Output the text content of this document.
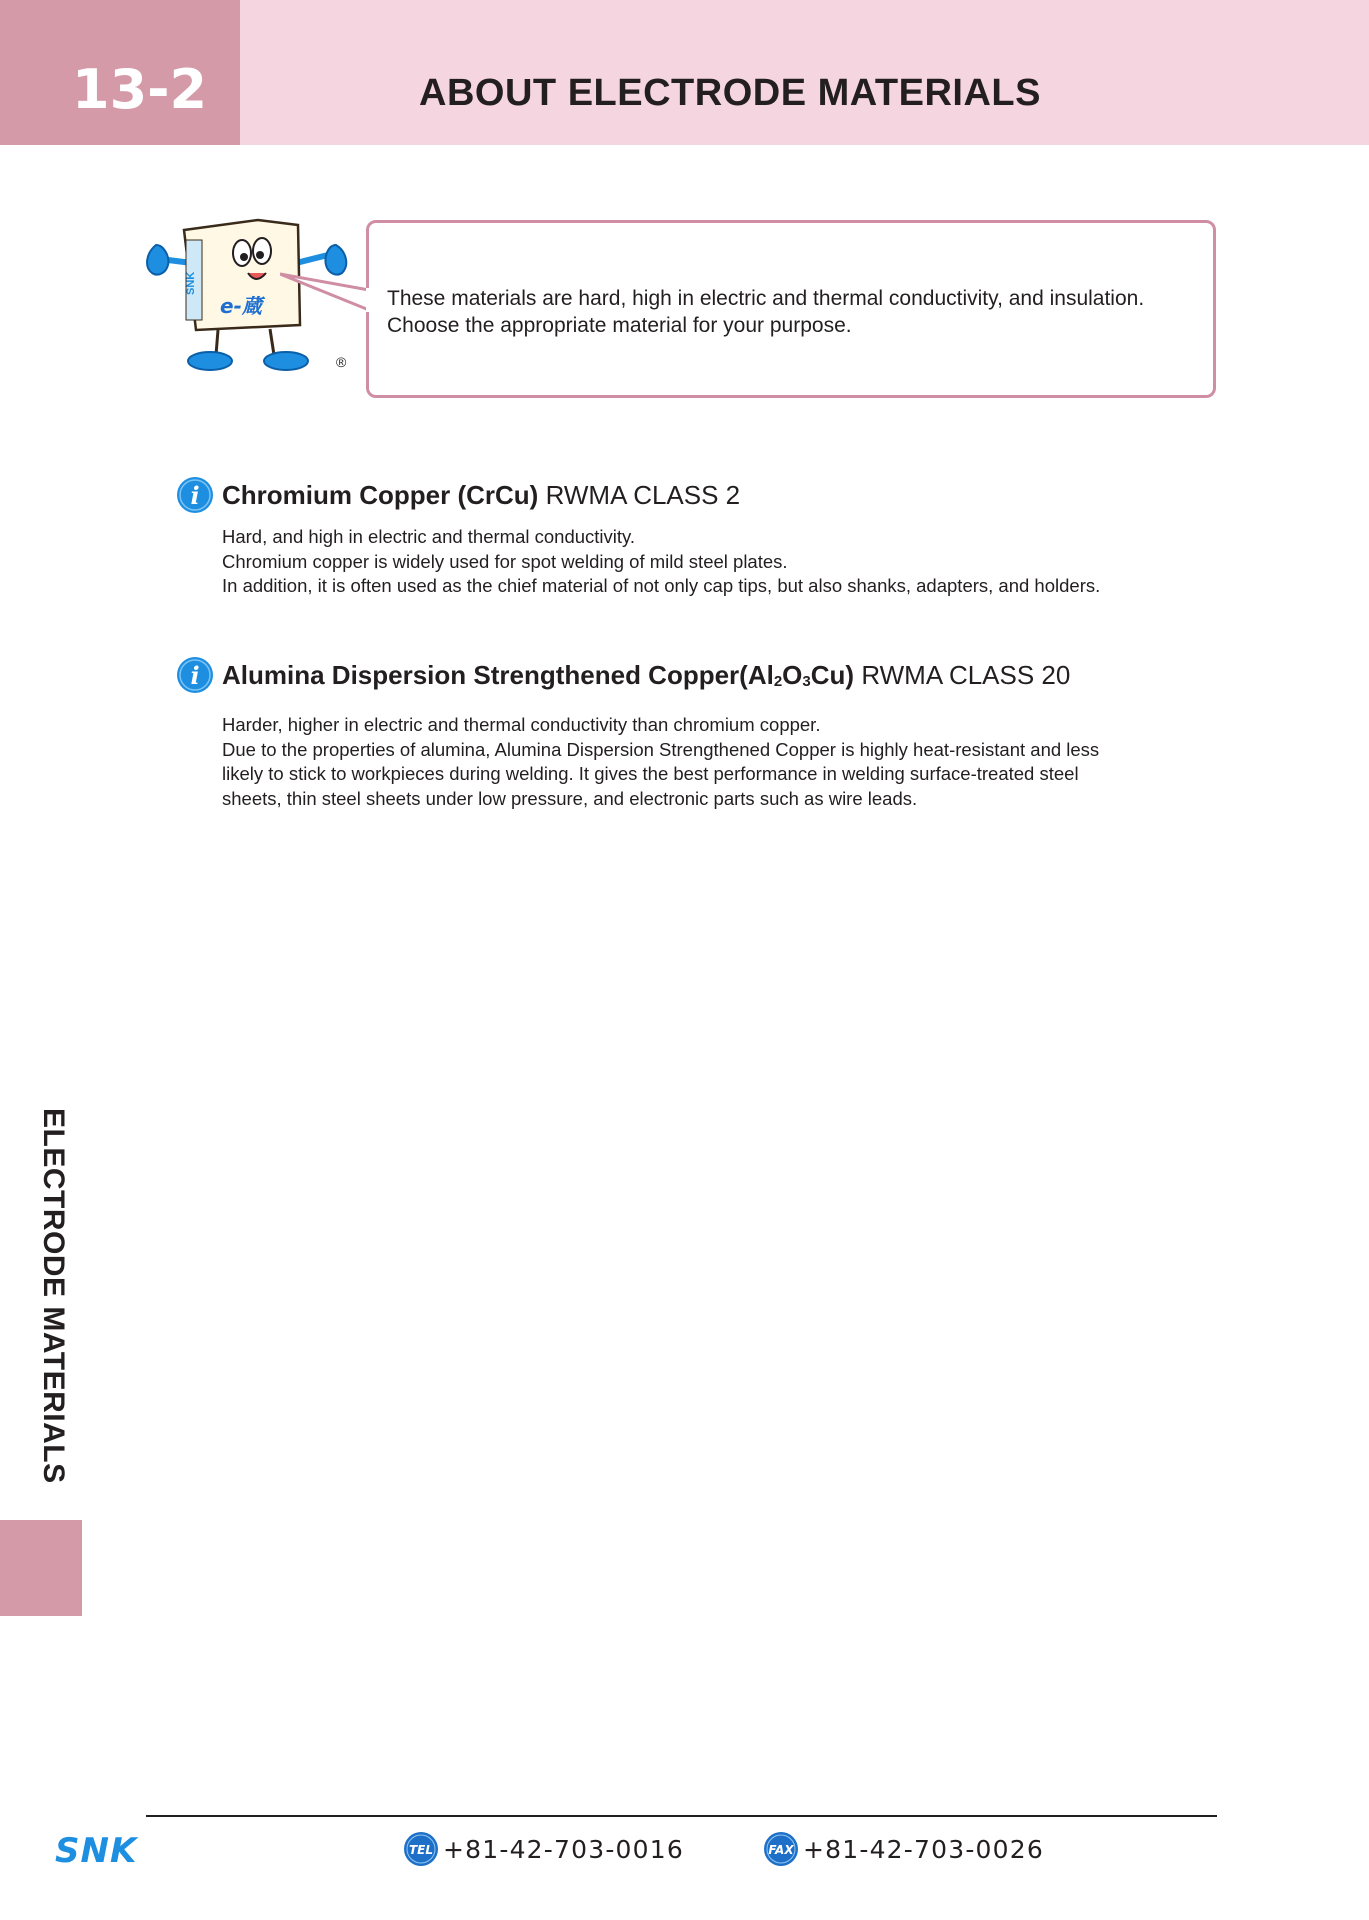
13-2	ABOUT ELECTRODE MATERIALS
SNK
e-蔵
®
These materials are hard, high in electric and thermal conductivity, and insulation.
Choose the appropriate material for your purpose.
i Chromium Copper (CrCu) RWMA CLASS 2
Hard, and high in electric and thermal conductivity.
Chromium copper is widely used for spot welding of mild steel plates.
In addition, it is often used as the chief material of not only cap tips, but also shanks, adapters, and holders.
i Alumina Dispersion Strengthened $Copper(Al_2O_3Cu)$ RWMA CLASS 20
Harder, higher in electric and thermal conductivity than chromium copper.
Due to the properties of alumina, Alumina Dispersion Strengthened Copper is highly heat-resistant and less
likely to stick to workpieces during welding. It gives the best performance in welding surface-treated steel
sheets, thin steel sheets under low pressure, and electronic parts such as wire leads.
ELECTRODE MATERIALS
SNK	TEL +81-42-703-0016	FAX +81-42-703-0026
